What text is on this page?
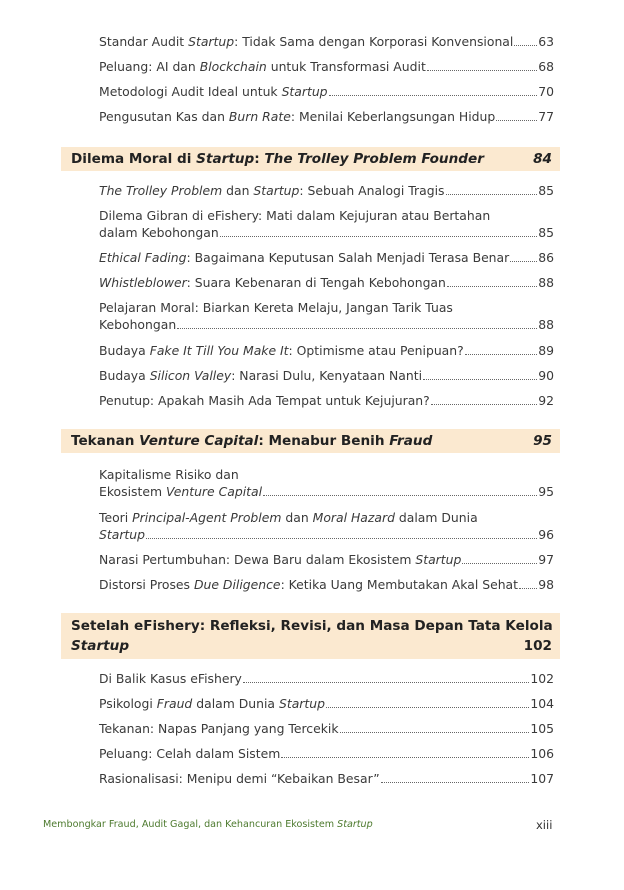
Standar Audit Startup: Tidak Sama dengan Korporasi Konvensional 63
Peluang: AI dan Blockchain untuk Transformasi Audit	68
Metodologi Audit Ideal untuk Startup	70
Pengusutan Kas dan Burn Rate: Menilai Keberlangsungan Hidup	77
Dilema Moral di Startup: The Trolley Problem Founder	84
The Trolley Problem dan Startup: Sebuah Analogi Tragis	85
Dilema Gibran di eFishery: Mati dalam Kejujuran atau Bertahan
dalam Kebohongan	85
Ethical Fading: Bagaimana Keputusan Salah Menjadi Terasa Benar 86
Whistleblower: Suara Kebenaran di Tengah Kebohongan	88
Pelajaran Moral: Biarkan Kereta Melaju, Jangan Tarik Tuas
Kebohongan	88
Budaya Fake It Till You Make It: Optimisme atau Penipuan?	89
Budaya Silicon Valley: Narasi Dulu, Kenyataan Nanti	90
Penutup: Apakah Masih Ada Tempat untuk Kejujuran?	92
Tekanan Venture Capital: Menabur Benih Fraud	95
Kapitalisme Risiko dan
Ekosistem Venture Capital	95
Teori Principal-Agent Problem dan Moral Hazard dalam Dunia
Startup	96
Narasi Pertumbuhan: Dewa Baru dalam Ekosistem Startup	97
Distorsi Proses Due Diligence: Ketika Uang Membutakan Akal Sehat 98
Setelah eFishery: Refleksi, Revisi, dan Masa Depan Tata Kelola
Startup	102
Di Balik Kasus eFishery	102
Psikologi Fraud dalam Dunia Startup	104
Tekanan: Napas Panjang yang Tercekik	105
Peluang: Celah dalam Sistem	106
Rasionalisasi: Menipu demi “Kebaikan Besar”	107
Membongkar Fraud, Audit Gagal, dan Kehancuran Ekosistem Startup	xiii
